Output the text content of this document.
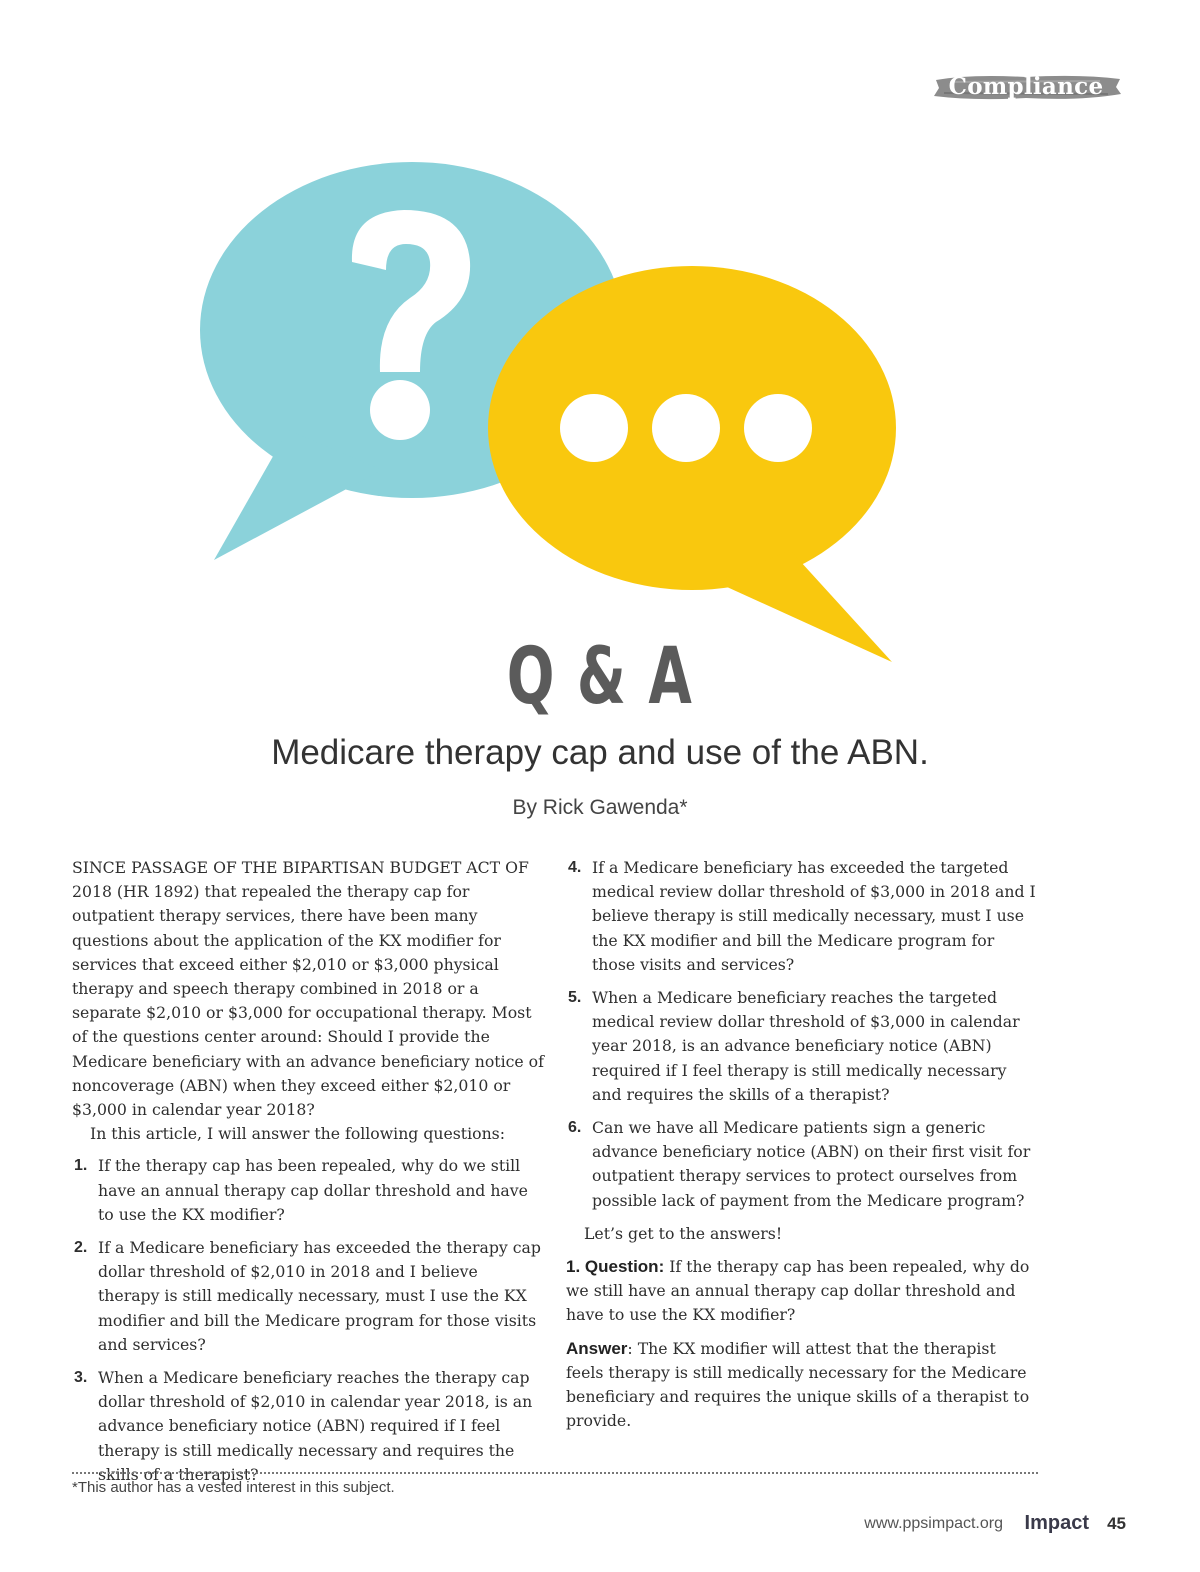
Compliance
Q & A
Medicare therapy cap and use of the ABN.
By Rick Gawenda*

SINCE PASSAGE OF THE BIPARTISAN BUDGET ACT OF 2018 (HR 1892) that repealed the therapy cap for outpatient therapy services, there have been many questions about the application of the KX modifier for services that exceed either $2,010 or $3,000 physical therapy and speech therapy combined in 2018 or a separate $2,010 or $3,000 for occupational therapy. Most of the questions center around: Should I provide the Medicare beneficiary with an advance beneficiary notice of noncoverage (ABN) when they exceed either $2,010 or $3,000 in calendar year 2018?

In this article, I will answer the following questions:

1. If the therapy cap has been repealed, why do we still have an annual therapy cap dollar threshold and have to use the KX modifier?
2. If a Medicare beneficiary has exceeded the therapy cap dollar threshold of $2,010 in 2018 and I believe therapy is still medically necessary, must I use the KX modifier and bill the Medicare program for those visits and services?
3. When a Medicare beneficiary reaches the therapy cap dollar threshold of $2,010 in calendar year 2018, is an advance beneficiary notice (ABN) required if I feel therapy is still medically necessary and requires the skills of a therapist?
4. If a Medicare beneficiary has exceeded the targeted medical review dollar threshold of $3,000 in 2018 and I believe therapy is still medically necessary, must I use the KX modifier and bill the Medicare program for those visits and services?
5. When a Medicare beneficiary reaches the targeted medical review dollar threshold of $3,000 in calendar year 2018, is an advance beneficiary notice (ABN) required if I feel therapy is still medically necessary and requires the skills of a therapist?
6. Can we have all Medicare patients sign a generic advance beneficiary notice (ABN) on their first visit for outpatient therapy services to protect ourselves from possible lack of payment from the Medicare program?

Let’s get to the answers!

1. Question: If the therapy cap has been repealed, why do we still have an annual therapy cap dollar threshold and have to use the KX modifier?

Answer: The KX modifier will attest that the therapist feels therapy is still medically necessary for the Medicare beneficiary and requires the unique skills of a therapist to provide.

*This author has a vested interest in this subject.
www.ppsimpact.org Impact 45
